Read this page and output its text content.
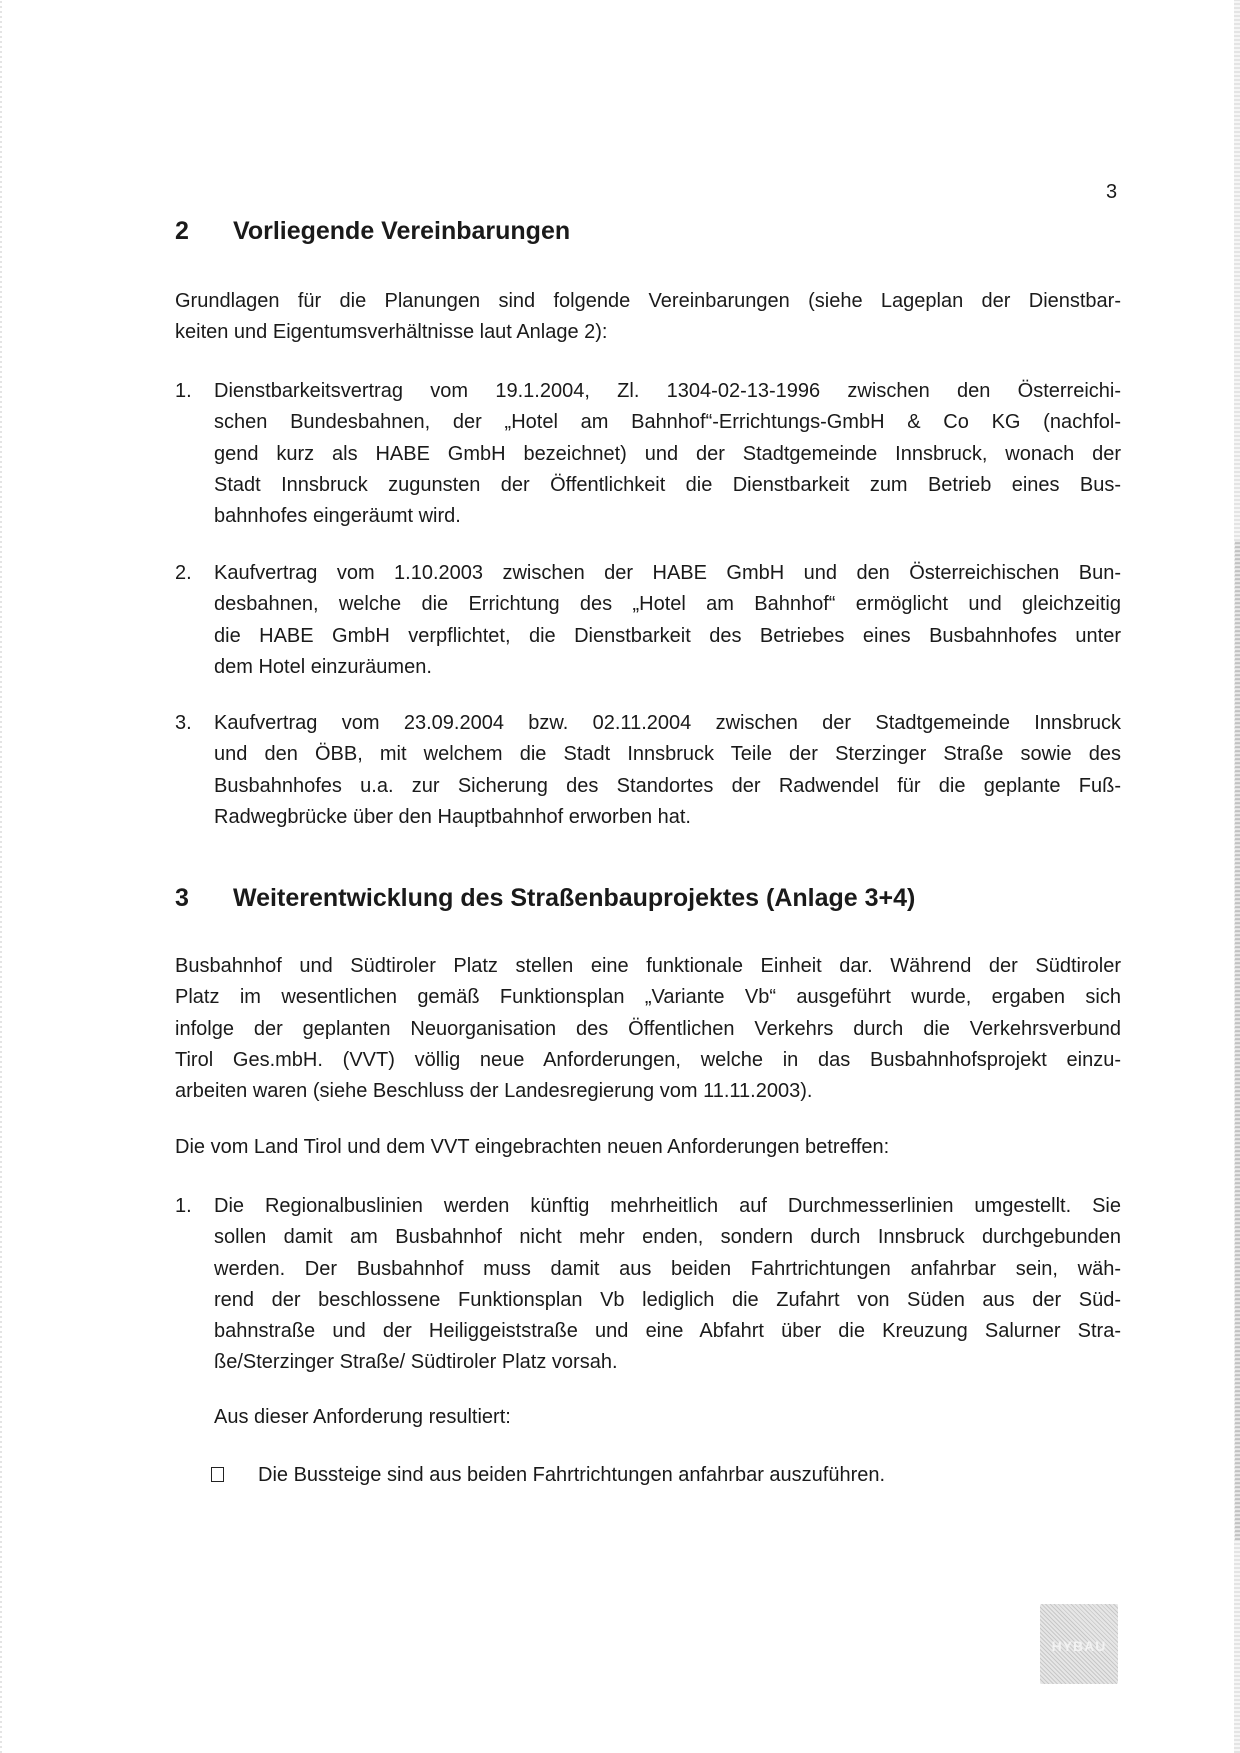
3
2 Vorliegende Vereinbarungen
Grundlagen für die Planungen sind folgende Vereinbarungen (siehe Lageplan der Dienstbar-
keiten und Eigentumsverhältnisse laut Anlage 2):
1. Dienstbarkeitsvertrag vom 19.1.2004, Zl. 1304-02-13-1996 zwischen den Österreichi-
schen Bundesbahnen, der „Hotel am Bahnhof“-Errichtungs-GmbH & Co KG (nachfol-
gend kurz als HABE GmbH bezeichnet) und der Stadtgemeinde Innsbruck, wonach der
Stadt Innsbruck zugunsten der Öffentlichkeit die Dienstbarkeit zum Betrieb eines Bus-
bahnhofes eingeräumt wird.
2. Kaufvertrag vom 1.10.2003 zwischen der HABE GmbH und den Österreichischen Bun-
desbahnen, welche die Errichtung des „Hotel am Bahnhof“ ermöglicht und gleichzeitig
die HABE GmbH verpflichtet, die Dienstbarkeit des Betriebes eines Busbahnhofes unter
dem Hotel einzuräumen.
3. Kaufvertrag vom 23.09.2004 bzw. 02.11.2004 zwischen der Stadtgemeinde Innsbruck
und den ÖBB, mit welchem die Stadt Innsbruck Teile der Sterzinger Straße sowie des
Busbahnhofes u.a. zur Sicherung des Standortes der Radwendel für die geplante Fuß-
Radwegbrücke über den Hauptbahnhof erworben hat.
3 Weiterentwicklung des Straßenbauprojektes (Anlage 3+4)
Busbahnhof und Südtiroler Platz stellen eine funktionale Einheit dar. Während der Südtiroler
Platz im wesentlichen gemäß Funktionsplan „Variante Vb“ ausgeführt wurde, ergaben sich
infolge der geplanten Neuorganisation des Öffentlichen Verkehrs durch die Verkehrsverbund
Tirol Ges.mbH. (VVT) völlig neue Anforderungen, welche in das Busbahnhofsprojekt einzu-
arbeiten waren (siehe Beschluss der Landesregierung vom 11.11.2003).
Die vom Land Tirol und dem VVT eingebrachten neuen Anforderungen betreffen:
1. Die Regionalbuslinien werden künftig mehrheitlich auf Durchmesserlinien umgestellt. Sie
sollen damit am Busbahnhof nicht mehr enden, sondern durch Innsbruck durchgebunden
werden. Der Busbahnhof muss damit aus beiden Fahrtrichtungen anfahrbar sein, wäh-
rend der beschlossene Funktionsplan Vb lediglich die Zufahrt von Süden aus der Süd-
bahnstraße und der Heiliggeiststraße und eine Abfahrt über die Kreuzung Salurner Stra-
ße/Sterzinger Straße/ Südtiroler Platz vorsah.
Aus dieser Anforderung resultiert:
Die Bussteige sind aus beiden Fahrtrichtungen anfahrbar auszuführen.
HYBAU
